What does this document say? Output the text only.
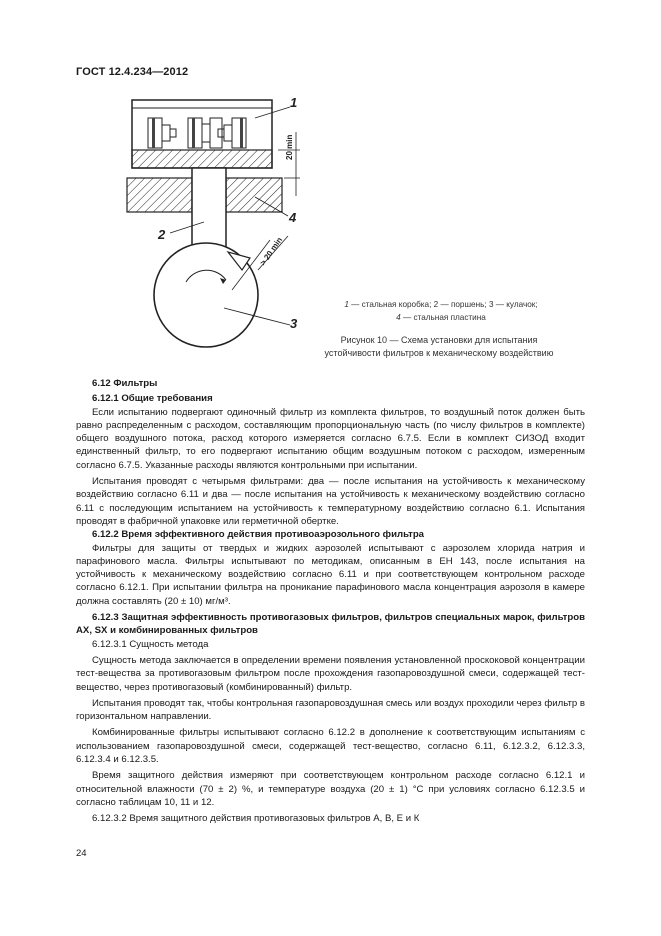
ГОСТ 12.4.234—2012
1
2
3
4
20 min
> 20 min
1 — стальная коробка; 2 — поршень; 3 — кулачок;
4 — стальная пластина
Рисунок 10 — Схема установки для испытания
устойчивости фильтров к механическому воздействию

6.12 Фильтры

6.12.1 Общие требования

Если испытанию подвергают одиночный фильтр из комплекта фильтров, то воздушный поток должен быть равно распределенным с расходом, составляющим пропорциональную часть (по числу фильтров в комплекте) общего воздушного потока, расход которого измеряется согласно 6.7.5. Если в комплект СИЗОД входит единственный фильтр, то его подвергают испытанию общим воздушным потоком с расходом, измеренным согласно 6.7.5. Указанные расходы являются контрольными при испытании.

Испытания проводят с четырьмя фильтрами: два — после испытания на устойчивость к механическому воздействию согласно 6.11 и два — после испытания на устойчивость к механическому воздействию согласно 6.11 с последующим испытанием на устойчивость к температурному воздействию согласно 6.1. Испытания проводят в фабричной упаковке или герметичной обертке.

6.12.2 Время эффективного действия противоаэрозольного фильтра

Фильтры для защиты от твердых и жидких аэрозолей испытывают с аэрозолем хлорида натрия и парафинового масла. Фильтры испытывают по методикам, описанным в ЕН 143, после испытания на устойчивость к механическому воздействию согласно 6.11 и при соответствующем контрольном расходе согласно 6.12.1. При испытании фильтра на проникание парафинового масла концентрация аэрозоля в камере должна составлять (20 ± 10) мг/м³.

6.12.3 Защитная эффективность противогазовых фильтров, фильтров специальных марок, фильтров AX, SX и комбинированных фильтров

6.12.3.1 Сущность метода

Сущность метода заключается в определении времени появления установленной проскоковой концентрации тест-вещества за противогазовым фильтром после прохождения газопаровоздушной смеси, содержащей тест-вещество, через противогазовый (комбинированный) фильтр.

Испытания проводят так, чтобы контрольная газопаровоздушная смесь или воздух проходили через фильтр в горизонтальном направлении.

Комбинированные фильтры испытывают согласно 6.12.2 в дополнение к соответствующим испытаниям с использованием газопаровоздушной смеси, содержащей тест-вещество, согласно 6.11, 6.12.3.2, 6.12.3.3, 6.12.3.4 и 6.12.3.5.

Время защитного действия измеряют при соответствующем контрольном расходе согласно 6.12.1 и относительной влажности (70 ± 2) %, и температуре воздуха (20 ± 1) °С при условиях согласно 6.12.3.5 и согласно таблицам 10, 11 и 12.

6.12.3.2 Время защитного действия противогазовых фильтров А, В, Е и К

24
